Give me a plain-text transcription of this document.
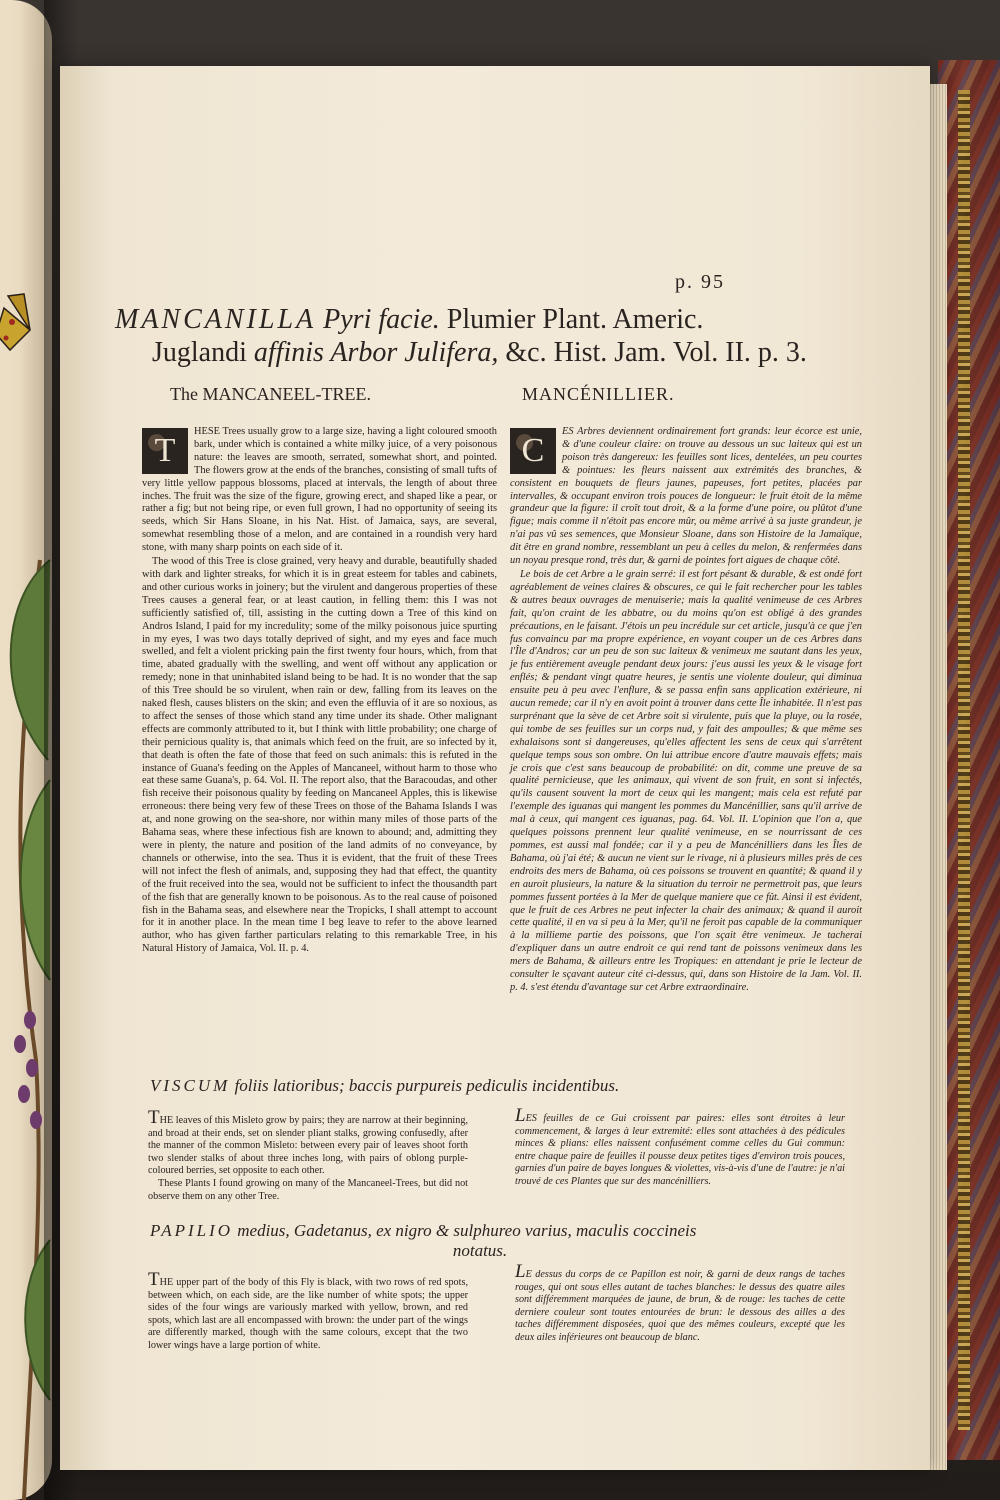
p. 95
MANCANILLA Pyri facie. Plumier Plant. Americ.
Juglandi affinis Arbor Julifera, &c. Hist. Jam. Vol. II. p. 3.
The MANCANEEL-TREE.	MANCÉNILLIER.

T
HESE Trees usually grow to a large size, having a light coloured smooth bark, under which is contained a white milky juice, of a very poisonous nature: the leaves are smooth, serrated, somewhat short, and pointed. The flowers grow at the ends of the branches, consisting of small tufts of very little yellow pappous blossoms, placed at intervals, the length of about three inches. The fruit was the size of the figure, growing erect, and shaped like a pear, or rather a fig; but not being ripe, or even full grown, I had no opportunity of seeing its seeds, which Sir Hans Sloane, in his Nat. Hist. of Jamaica, says, are several, somewhat resembling those of a melon, and are contained in a roundish very hard stone, with many sharp points on each side of it.

The wood of this Tree is close grained, very heavy and durable, beautifully shaded with dark and lighter streaks, for which it is in great esteem for tables and cabinets, and other curious works in joinery; but the virulent and dangerous properties of these Trees causes a general fear, or at least caution, in felling them: this I was not sufficiently satisfied of, till, assisting in the cutting down a Tree of this kind on Andros Island, I paid for my incredulity; some of the milky poisonous juice spurting in my eyes, I was two days totally deprived of sight, and my eyes and face much swelled, and felt a violent pricking pain the first twenty four hours, which, from that time, abated gradually with the swelling, and went off without any application or remedy; none in that uninhabited island being to be had. It is no wonder that the sap of this Tree should be so virulent, when rain or dew, falling from its leaves on the naked flesh, causes blisters on the skin; and even the effluvia of it are so noxious, as to affect the senses of those which stand any time under its shade. Other malignant effects are commonly attributed to it, but I think with little probability; one charge of their pernicious quality is, that animals which feed on the fruit, are so infected by it, that death is often the fate of those that feed on such animals: this is refuted in the instance of Guana's feeding on the Apples of Mancaneel, without harm to those who eat these same Guana's, p. 64. Vol. II. The report also, that the Baracoudas, and other fish receive their poisonous quality by feeding on Mancaneel Apples, this is likewise erroneous: there being very few of these Trees on those of the Bahama Islands I was at, and none growing on the sea-shore, nor within many miles of those parts of the Bahama seas, where these infectious fish are known to abound; and, admitting they were in plenty, the nature and position of the land admits of no conveyance, by channels or otherwise, into the sea. Thus it is evident, that the fruit of these Trees will not infect the flesh of animals, and, supposing they had that effect, the quantity of the fruit received into the sea, would not be sufficient to infect the thousandth part of the fish that are generally known to be poisonous. As to the real cause of poisoned fish in the Bahama seas, and elsewhere near the Tropicks, I shall attempt to account for it in another place. In the mean time I beg leave to refer to the above learned author, who has given farther particulars relating to this remarkable Tree, in his Natural History of Jamaica, Vol. II. p. 4.

C
ES Arbres deviennent ordinairement fort grands: leur écorce est unie, & d'une couleur claire: on trouve au dessous un suc laiteux qui est un poison très dangereux: les feuilles sont lices, dentelées, un peu courtes & pointues: les fleurs naissent aux extrémités des branches, & consistent en bouquets de fleurs jaunes, papeuses, fort petites, placées par intervalles, & occupant environ trois pouces de longueur: le fruit étoit de la même grandeur que la figure: il croît tout droit, & a la forme d'une poire, ou plûtot d'une figue; mais comme il n'étoit pas encore mûr, ou même arrivé à sa juste grandeur, je n'ai pas vû ses semences, que Monsieur Sloane, dans son Histoire de la Jamaïque, dit être en grand nombre, ressemblant un peu à celles du melon, & renfermées dans un noyau presque rond, très dur, & garni de pointes fort aigues de chaque côté.

Le bois de cet Arbre a le grain serré: il est fort pésant & durable, & est ondé fort agréablement de veines claires & obscures, ce qui le fait rechercher pour les tables & autres beaux ouvrages de menuiserie; mais la qualité venimeuse de ces Arbres fait, qu'on craint de les abbatre, ou du moins qu'on est obligé à des grandes précautions, en le faisant. J'étois un peu incrédule sur cet article, jusqu'à ce que j'en fus convaincu par ma propre expérience, en voyant couper un de ces Arbres dans l'Île d'Andros; car un peu de son suc laiteux & venimeux me sautant dans les yeux, je fus entièrement aveugle pendant deux jours: j'eus aussi les yeux & le visage fort enflés; & pendant vingt quatre heures, je sentis une violente douleur, qui diminua ensuite peu à peu avec l'enflure, & se passa enfin sans application extérieure, ni aucun remede; car il n'y en avoit point à trouver dans cette Île inhabitée. Il n'est pas surprénant que la sève de cet Arbre soit si virulente, puis que la pluye, ou la rosée, qui tombe de ses feuilles sur un corps nud, y fait des ampoulles; & que même ses exhalaisons sont si dangereuses, qu'elles affectent les sens de ceux qui s'arrêtent quelque temps sous son ombre. On lui attribue encore d'autre mauvais effets; mais je crois que c'est sans beaucoup de probabilité: on dit, comme une preuve de sa qualité pernicieuse, que les animaux, qui vivent de son fruit, en sont si infectés, qu'ils causent souvent la mort de ceux qui les mangent; mais cela est refuté par l'exemple des iguanas qui mangent les pommes du Mancénillier, sans qu'il arrive de mal à ceux, qui mangent ces iguanas, pag. 64. Vol. II. L'opinion que l'on a, que quelques poissons prennent leur qualité venimeuse, en se nourrissant de ces pommes, est aussi mal fondée; car il y a peu de Mancénilliers dans les Îles de Bahama, où j'ai été; & aucun ne vient sur le rivage, ni à plusieurs milles près de ces endroits des mers de Bahama, où ces poissons se trouvent en quantité; & quand il y en auroit plusieurs, la nature & la situation du terroir ne permettroit pas, que leurs pommes fussent portées à la Mer de quelque maniere que ce fût. Ainsi il est évident, que le fruit de ces Arbres ne peut infecter la chair des animaux; & quand il auroit cette qualité, il en va si peu à la Mer, qu'il ne feroit pas capable de la communiquer à la millieme partie des poissons, que l'on sçait être venimeux. Je tacherai d'expliquer dans un autre endroit ce qui rend tant de poissons venimeux dans les mers de Bahama, & ailleurs entre les Tropiques: en attendant je prie le lecteur de consulter le sçavant auteur cité ci-dessus, qui, dans son Histoire de la Jam. Vol. II. p. 4. s'est étendu d'avantage sur cet Arbre extraordinaire.

VISCUM foliis latioribus; baccis purpureis pediculis incidentibus.

THE leaves of this Misleto grow by pairs; they are narrow at their beginning, and broad at their ends, set on slender pliant stalks, growing confusedly, after the manner of the common Misleto: between every pair of leaves shoot forth two slender stalks of about three inches long, with pairs of oblong purple-coloured berries, set opposite to each other.

These Plants I found growing on many of the Mancaneel-Trees, but did not observe them on any other Tree.

LES feuilles de ce Gui croissent par paires: elles sont étroites à leur commencement, & larges à leur extremité: elles sont attachées à des pédicules minces & plians: elles naissent confusément comme celles du Gui commun: entre chaque paire de feuilles il pousse deux petites tiges d'environ trois pouces, garnies d'un paire de bayes longues & violettes, vis-à-vis d'une de l'autre: je n'ai trouvé de ces Plantes que sur des mancénilliers.

PAPILIO medius, Gadetanus, ex nigro & sulphureo varius, maculis coccineis
notatus.

THE upper part of the body of this Fly is black, with two rows of red spots, between which, on each side, are the like number of white spots; the upper sides of the four wings are variously marked with yellow, brown, and red spots, which last are all encompassed with brown: the under part of the wings are differently marked, though with the same colours, except that the two lower wings have a large portion of white.

LE dessus du corps de ce Papillon est noir, & garni de deux rangs de taches rouges, qui ont sous elles autant de taches blanches: le dessus des quatre ailes sont différemment marquées de jaune, de brun, & de rouge: les taches de cette derniere couleur sont toutes entourées de brun: le dessous des ailles a des taches différemment disposées, quoi que des mêmes couleurs, excepté que les deux ailes inférieures ont beaucoup de blanc.
